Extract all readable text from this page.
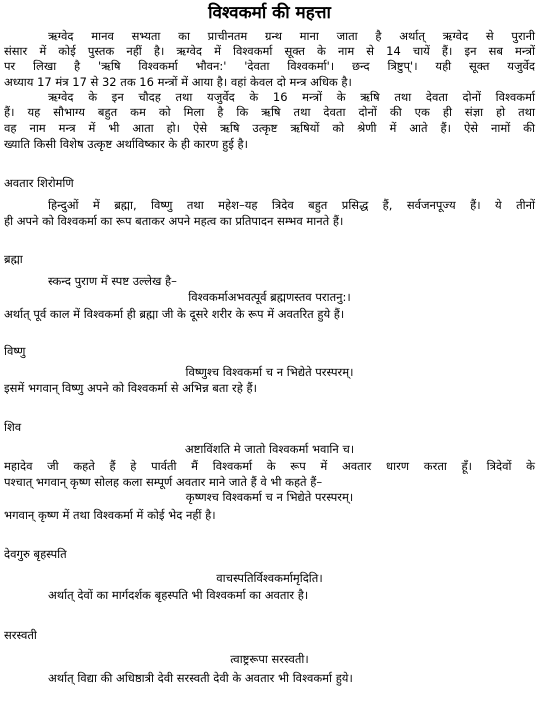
विश्वकर्मा की महत्ता
ऋग्वेद मानव सभ्यता का प्राचीनतम ग्रन्थ माना जाता है अर्थात् ऋग्वेद से पुरानी
संसार में कोई पुस्तक नहीं है। ऋग्वेद में विश्वकर्मा सूक्त के नाम से 14 चायें हैं। इन सब मन्त्रों
पर लिखा है 'ऋषि विश्वकर्मा भौवन:' 'देवता विश्वकर्मा'। छन्द त्रिष्टुप्'। यही सूक्त यजुर्वेद
अध्याय 17 मंत्र 17 से 32 तक 16 मन्त्रों में आया है। वहां केवल दो मन्त्र अधिक है।
ऋग्वेद के इन चौदह तथा यजुर्वेद के 16 मन्त्रों के ऋषि तथा देवता दोनों विश्वकर्मा
हैं। यह सौभाग्य बहुत कम को मिला है कि ऋषि तथा देवता दोनों की एक ही संज्ञा हो तथा
वह नाम मन्त्र में भी आता हो। ऐसे ऋषि उत्कृष्ट ऋषियों को श्रेणी में आते हैं। ऐसे नामों की
ख्याति किसी विशेष उत्कृष्ट अर्थाविष्कार के ही कारण हुई है।
अवतार शिरोमणि
हिन्दुओं में ब्रह्मा, विष्णु तथा महेश–यह त्रिदेव बहुत प्रसिद्ध हैं, सर्वजनपूज्य हैं। ये तीनों
ही अपने को विश्वकर्मा का रूप बताकर अपने महत्व का प्रतिपादन सम्भव मानते हैं।
ब्रह्मा
स्कन्द पुराण में स्पष्ट उल्लेख है–
विश्वकर्माअभवत्पूर्व ब्रह्मणस्तव परातनु:।
अर्थात् पूर्व काल में विश्वकर्मा ही ब्रह्मा जी के दूसरे शरीर के रूप में अवतरित हुये हैं।
विष्णु
विष्णुश्च विश्वकर्मा च न भिद्येते परस्परम्।
इसमें भगवान् विष्णु अपने को विश्वकर्मा से अभिन्न बता रहे हैं।
शिव
अष्टाविंशति मे जातो विश्वकर्मा भवानि च।
महादेव जी कहते हैं हे पार्वती मैं विश्वकर्मा के रूप में अवतार धारण करता हूँ। त्रिदेवों के
पश्चात् भगवान् कृष्ण सोलह कला सम्पूर्ण अवतार माने जाते हैं वे भी कहते हैं–
कृष्णश्च विश्वकर्मा च न भिद्येते परस्परम्।
भगवान् कृष्ण में तथा विश्वकर्मा में कोई भेद नहीं है।
देवगुरु बृहस्पति
वाचस्पतिर्विश्वकर्मामृदिति।
अर्थात् देवों का मार्गदर्शक बृहस्पति भी विश्वकर्मा का अवतार है।
सरस्वती
त्वाष्ट्ररूपा सरस्वती।
अर्थात् विद्या की अधिष्ठात्री देवी सरस्वती देवी के अवतार भी विश्वकर्मा हुये।
